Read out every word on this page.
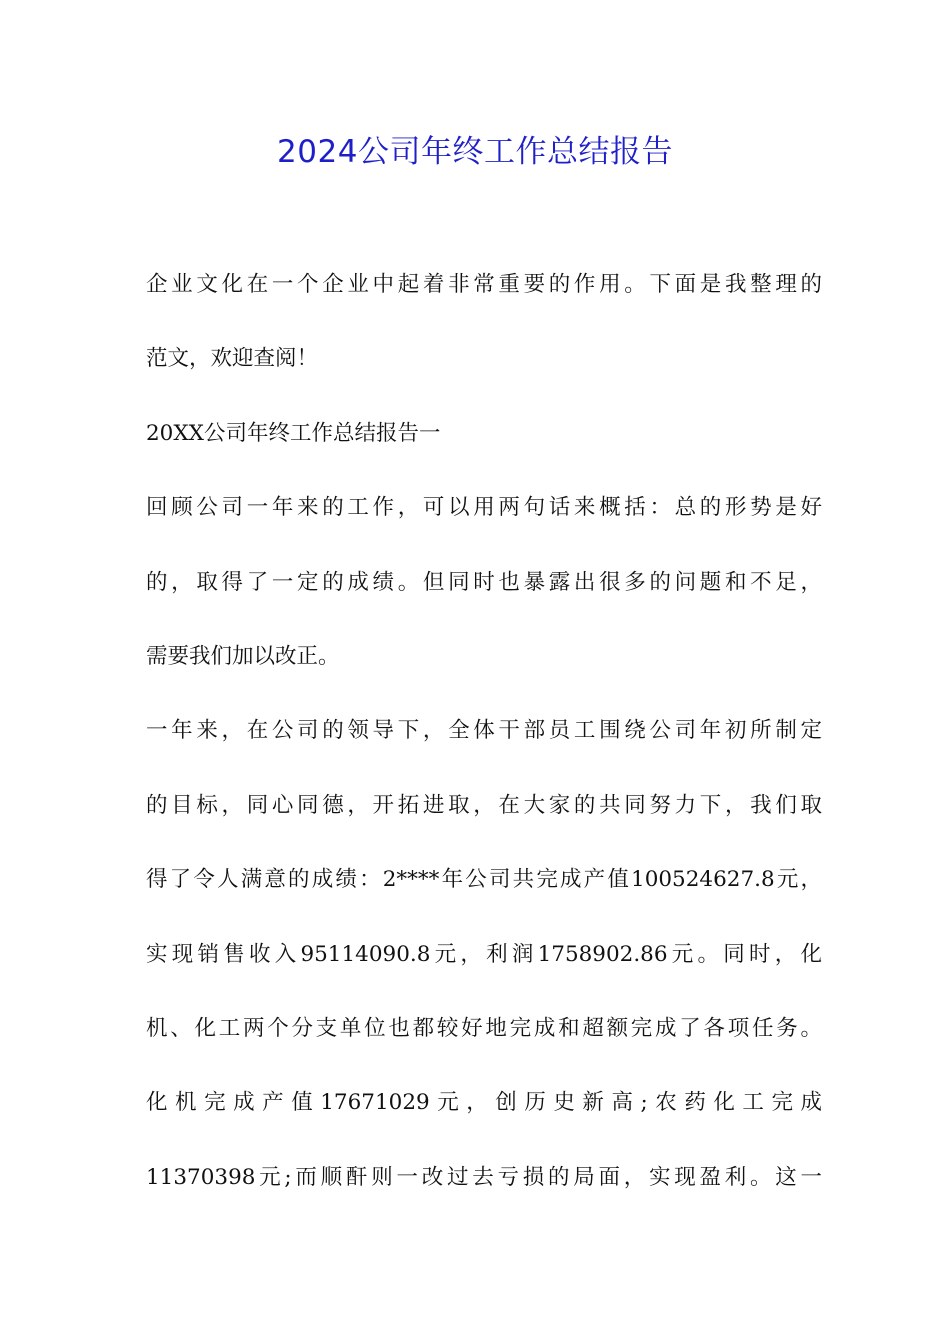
2024公司年终工作总结报告
企业文化在一个企业中起着非常重要的作用。下面是我整理的
范文，欢迎查阅！
20XX公司年终工作总结报告一
回顾公司一年来的工作，可以用两句话来概括：总的形势是好
的，取得了一定的成绩。但同时也暴露出很多的问题和不足，
需要我们加以改正。
一年来，在公司的领导下，全体干部员工围绕公司年初所制定
的目标，同心同德，开拓进取，在大家的共同努力下，我们取
得了令人满意的成绩：2****年公司共完成产值100524627.8元，
实现销售收入95114090.8元，利润1758902.86元。同时，化
机、化工两个分支单位也都较好地完成和超额完成了各项任务。
化机完成产值17671029元，创历史新高;农药化工完成
11370398元;而顺酐则一改过去亏损的局面，实现盈利。这一
